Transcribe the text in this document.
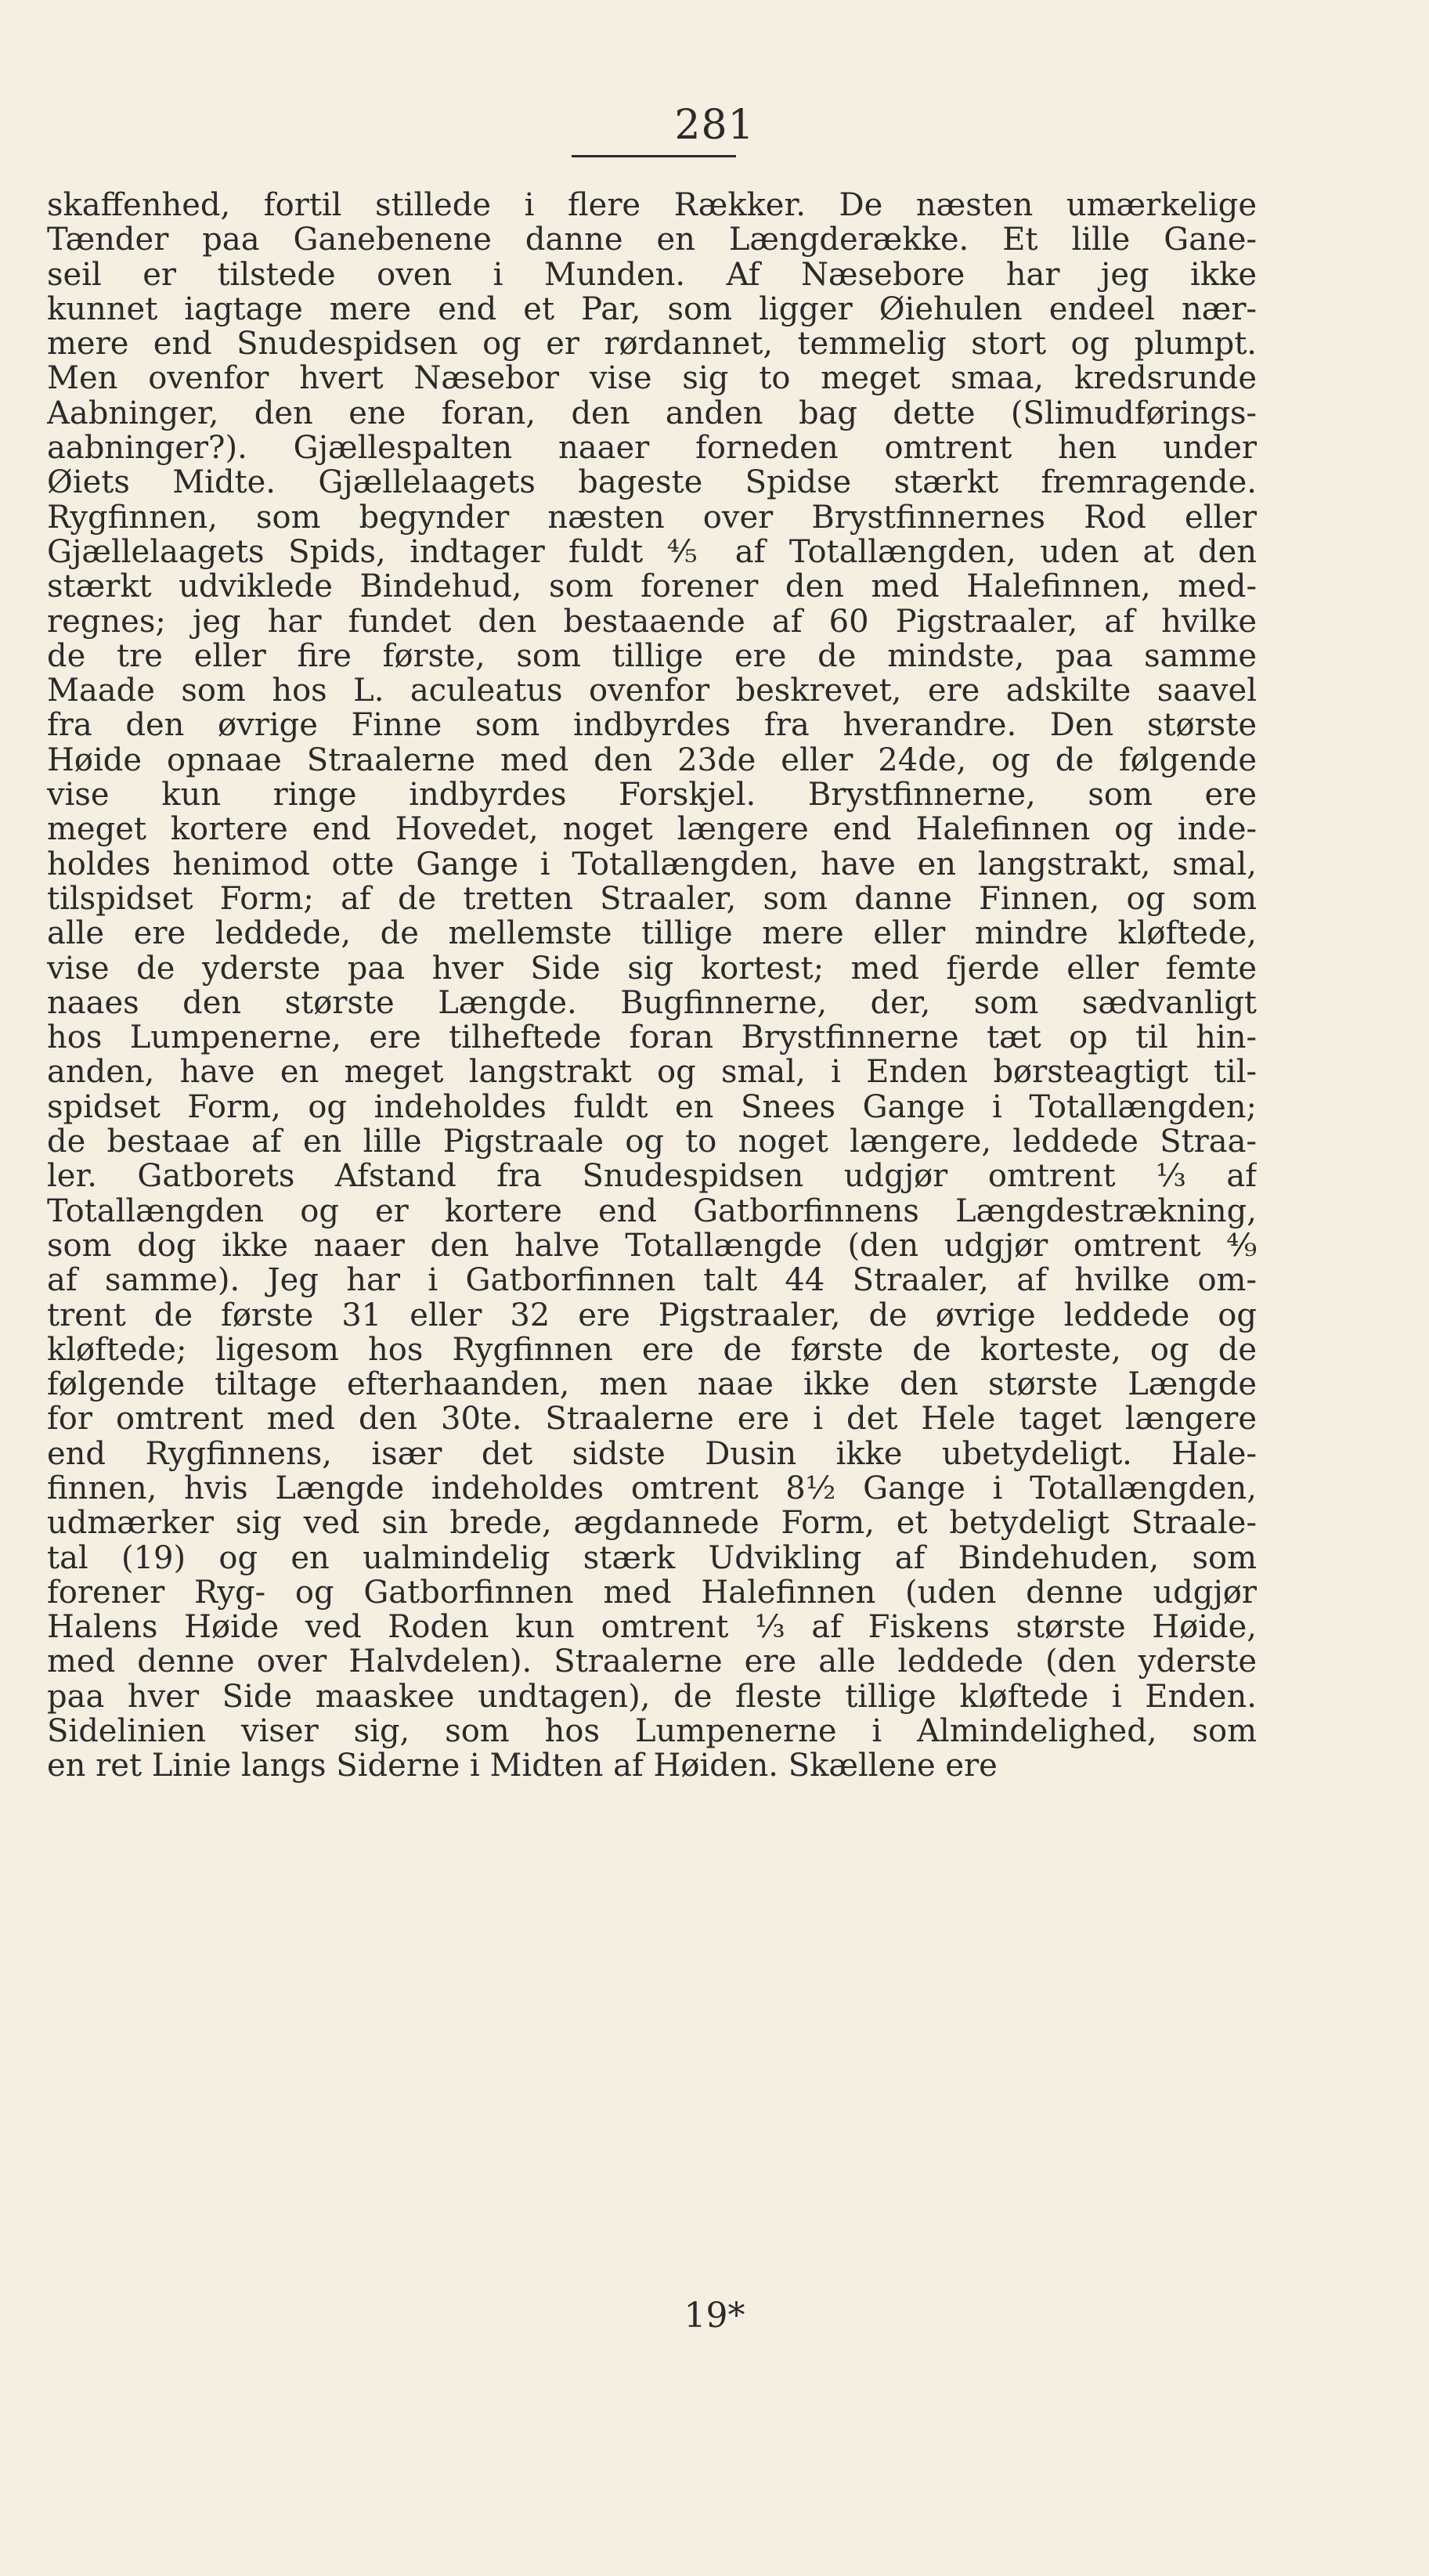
281
skaffenhed, fortil stillede i flere Rækker. De næsten umærkelige
Tænder paa Ganebenene danne en Længderække. Et lille Gane-
seil er tilstede oven i Munden. Af Næsebore har jeg ikke
kunnet iagtage mere end et Par, som ligger Øiehulen endeel nær-
mere end Snudespidsen og er rørdannet, temmelig stort og plumpt.
Men ovenfor hvert Næsebor vise sig to meget smaa, kredsrunde
Aabninger, den ene foran, den anden bag dette (Slimudførings-
aabninger?). Gjællespalten naaer forneden omtrent hen under
Øiets Midte. Gjællelaagets bageste Spidse stærkt fremragende.
Rygfinnen, som begynder næsten over Brystfinnernes Rod eller
Gjællelaagets Spids, indtager fuldt ⅘ af Totallængden, uden at den
stærkt udviklede Bindehud, som forener den med Halefinnen, med-
regnes; jeg har fundet den bestaaende af 60 Pigstraaler, af hvilke
de tre eller fire første, som tillige ere de mindste, paa samme
Maade som hos L. aculeatus ovenfor beskrevet, ere adskilte saavel
fra den øvrige Finne som indbyrdes fra hverandre. Den største
Høide opnaae Straalerne med den 23de eller 24de, og de følgende
vise kun ringe indbyrdes Forskjel. Brystfinnerne, som ere
meget kortere end Hovedet, noget længere end Halefinnen og inde-
holdes henimod otte Gange i Totallængden, have en langstrakt, smal,
tilspidset Form; af de tretten Straaler, som danne Finnen, og som
alle ere leddede, de mellemste tillige mere eller mindre kløftede,
vise de yderste paa hver Side sig kortest; med fjerde eller femte
naaes den største Længde. Bugfinnerne, der, som sædvanligt
hos Lumpenerne, ere tilheftede foran Brystfinnerne tæt op til hin-
anden, have en meget langstrakt og smal, i Enden børsteagtigt til-
spidset Form, og indeholdes fuldt en Snees Gange i Totallængden;
de bestaae af en lille Pigstraale og to noget længere, leddede Straa-
ler. Gatborets Afstand fra Snudespidsen udgjør omtrent ⅓ af
Totallængden og er kortere end Gatborfinnens Længdestrækning,
som dog ikke naaer den halve Totallængde (den udgjør omtrent ⁴⁄₉
af samme). Jeg har i Gatborfinnen talt 44 Straaler, af hvilke om-
trent de første 31 eller 32 ere Pigstraaler, de øvrige leddede og
kløftede; ligesom hos Rygfinnen ere de første de korteste, og de
følgende tiltage efterhaanden, men naae ikke den største Længde
for omtrent med den 30te. Straalerne ere i det Hele taget længere
end Rygfinnens, især det sidste Dusin ikke ubetydeligt. Hale-
finnen, hvis Længde indeholdes omtrent 8½ Gange i Totallængden,
udmærker sig ved sin brede, ægdannede Form, et betydeligt Straale-
tal (19) og en ualmindelig stærk Udvikling af Bindehuden, som
forener Ryg- og Gatborfinnen med Halefinnen (uden denne udgjør
Halens Høide ved Roden kun omtrent ⅓ af Fiskens største Høide,
med denne over Halvdelen). Straalerne ere alle leddede (den yderste
paa hver Side maaskee undtagen), de fleste tillige kløftede i Enden.
Sidelinien viser sig, som hos Lumpenerne i Almindelighed, som
en ret Linie langs Siderne i Midten af Høiden. Skællene ere
19*
